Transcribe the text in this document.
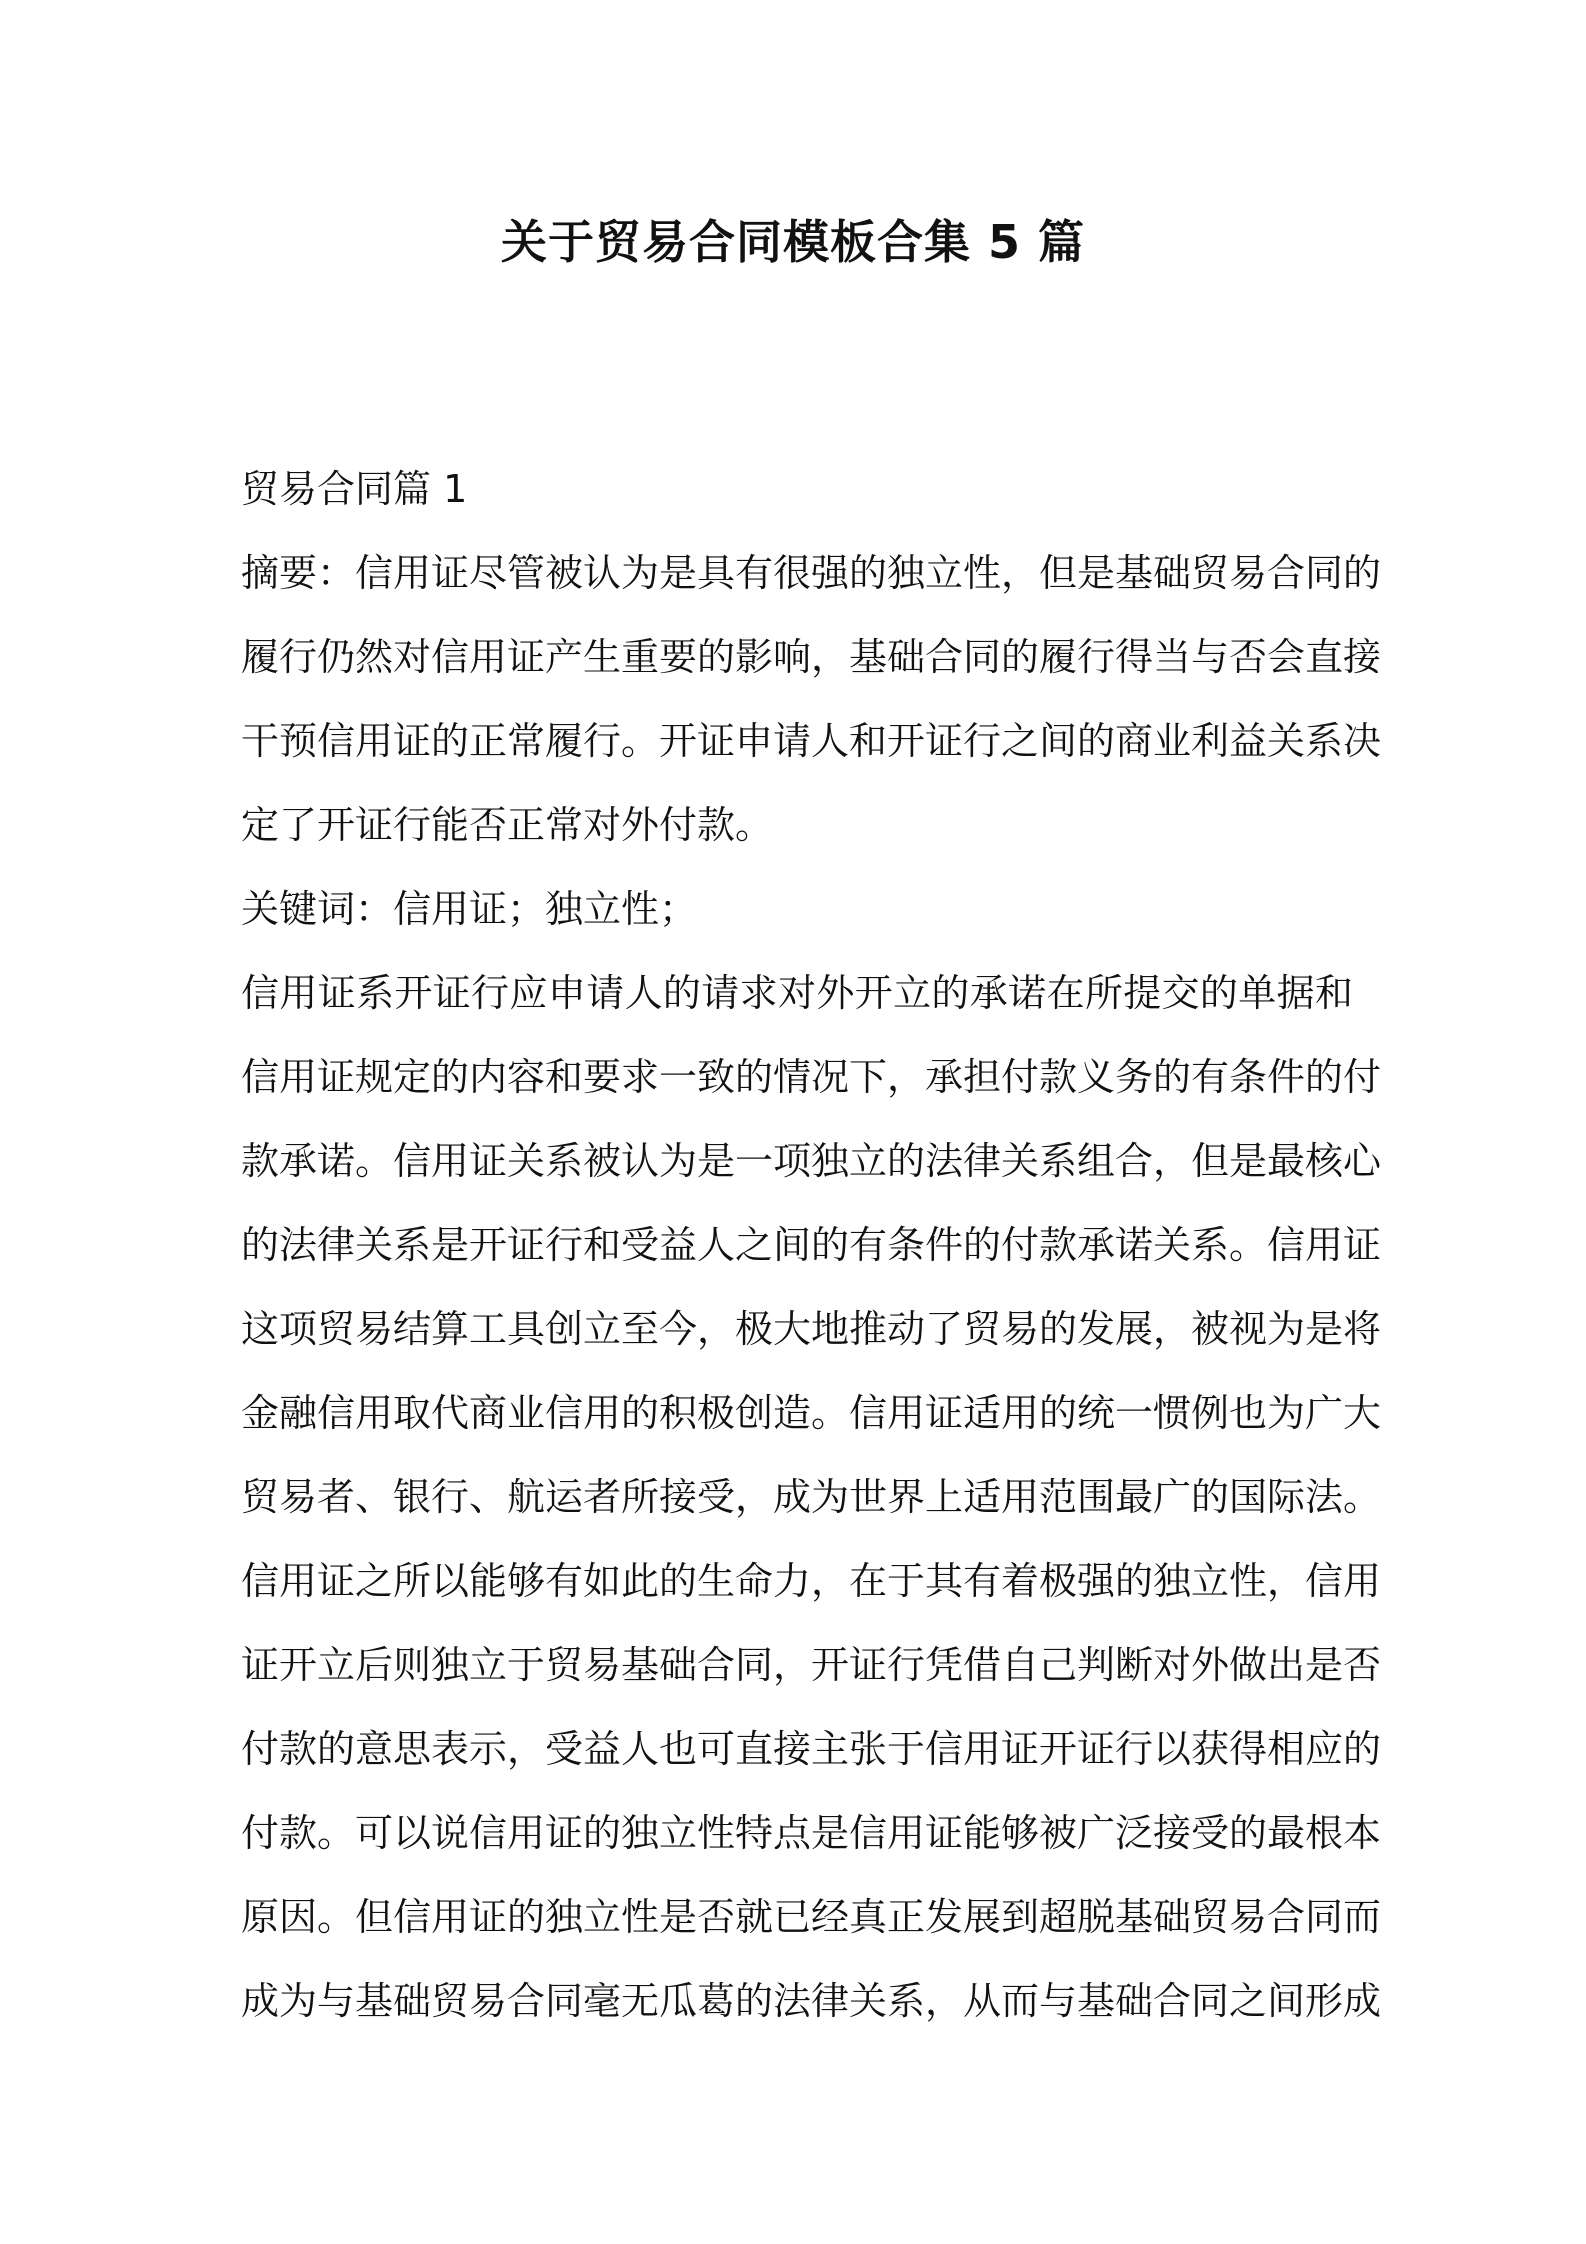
关于贸易合同模板合集 5 篇
贸易合同篇 1
摘要：信用证尽管被认为是具有很强的独立性，但是基础贸易合同的
履行仍然对信用证产生重要的影响，基础合同的履行得当与否会直接
干预信用证的正常履行。开证申请人和开证行之间的商业利益关系决
定了开证行能否正常对外付款。
关键词：信用证；独立性；
信用证系开证行应申请人的请求对外开立的承诺在所提交的单据和
信用证规定的内容和要求一致的情况下，承担付款义务的有条件的付
款承诺。信用证关系被认为是一项独立的法律关系组合，但是最核心
的法律关系是开证行和受益人之间的有条件的付款承诺关系。信用证
这项贸易结算工具创立至今，极大地推动了贸易的发展，被视为是将
金融信用取代商业信用的积极创造。信用证适用的统一惯例也为广大
贸易者、银行、航运者所接受，成为世界上适用范围最广的国际法。
信用证之所以能够有如此的生命力，在于其有着极强的独立性，信用
证开立后则独立于贸易基础合同，开证行凭借自己判断对外做出是否
付款的意思表示，受益人也可直接主张于信用证开证行以获得相应的
付款。可以说信用证的独立性特点是信用证能够被广泛接受的最根本
原因。但信用证的独立性是否就已经真正发展到超脱基础贸易合同而
成为与基础贸易合同毫无瓜葛的法律关系，从而与基础合同之间形成
